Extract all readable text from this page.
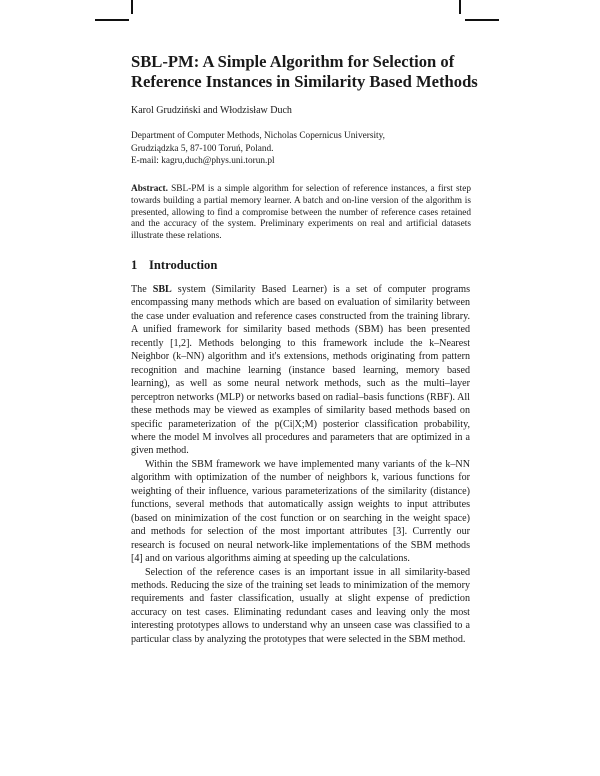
SBL-PM: A Simple Algorithm for Selection of
Reference Instances in Similarity Based Methods

Karol Grudziński and Włodzisław Duch

Department of Computer Methods, Nicholas Copernicus University,
Grudziądzka 5, 87-100 Toruń, Poland.
E-mail: kagru,duch@phys.uni.torun.pl

Abstract. SBL-PM is a simple algorithm for selection of reference instances, a first step towards building a partial memory learner. A batch and on-line version of the algorithm is presented, allowing to find a compromise between the number of reference cases retained and the accuracy of the system. Preliminary experiments on real and artificial datasets illustrate these relations.

1 Introduction

The SBL system (Similarity Based Learner) is a set of computer programs encompassing many methods which are based on evaluation of similarity between the case under evaluation and reference cases constructed from the training library. A unified framework for similarity based methods (SBM) has been presented recently [1,2]. Methods belonging to this framework include the k–Nearest Neighbor (k–NN) algorithm and it's extensions, methods originating from pattern recognition and machine learning (instance based learning, memory based learning), as well as some neural network methods, such as the multi–layer perceptron networks (MLP) or networks based on radial–basis functions (RBF). All these methods may be viewed as examples of similarity based methods based on specific parameterization of the p(Ci|X;M) posterior classification probability, where the model M involves all procedures and parameters that are optimized in a given method.

Within the SBM framework we have implemented many variants of the k–NN algorithm with optimization of the number of neighbors k, various functions for weighting of their influence, various parameterizations of the similarity (distance) functions, several methods that automatically assign weights to input attributes (based on minimization of the cost function or on searching in the weight space) and methods for selection of the most important attributes [3]. Currently our research is focused on neural network-like implementations of the SBM methods [4] and on various algorithms aiming at speeding up the calculations.

Selection of the reference cases is an important issue in all similarity-based methods. Reducing the size of the training set leads to minimization of the memory requirements and faster classification, usually at slight expense of prediction accuracy on test cases. Eliminating redundant cases and leaving only the most interesting prototypes allows to understand why an unseen case was classified to a particular class by analyzing the prototypes that were selected in the SBM method.
